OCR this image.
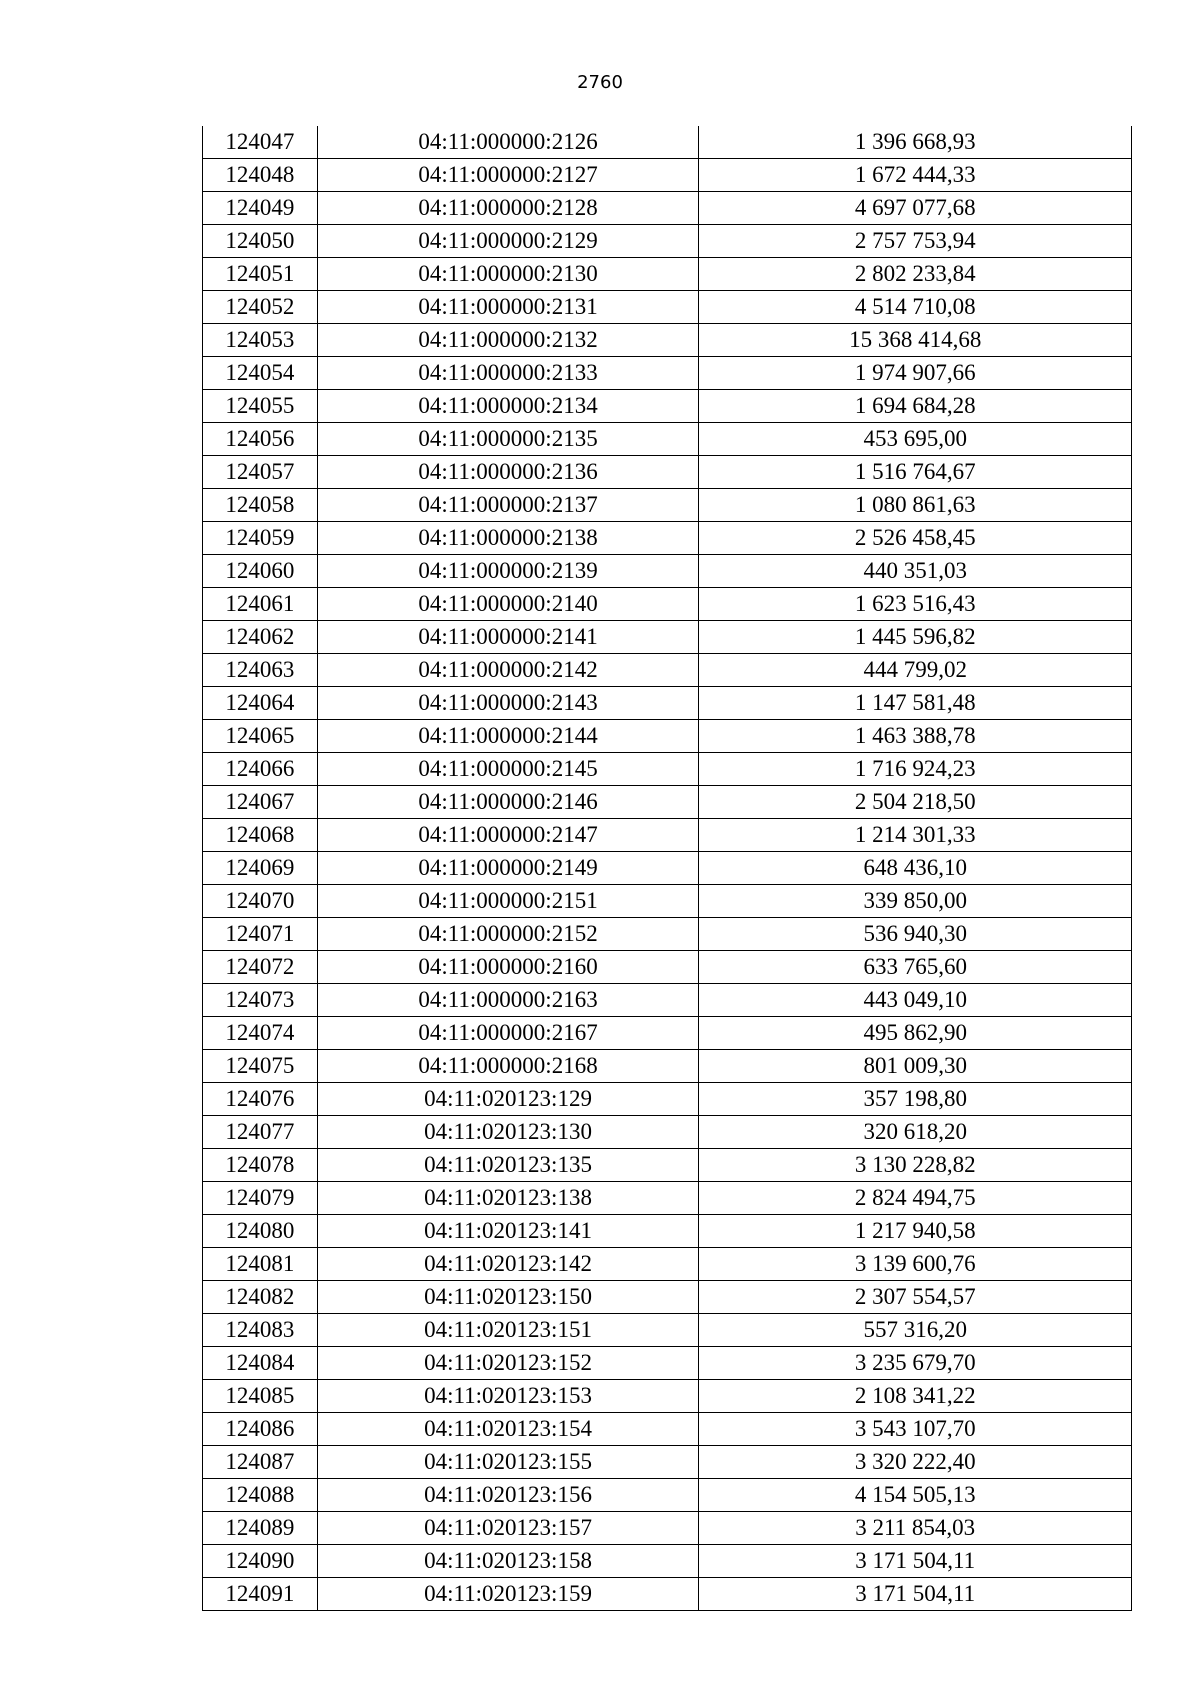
2760
124047	04:11:000000:2126	1 396 668,93
124048	04:11:000000:2127	1 672 444,33
124049	04:11:000000:2128	4 697 077,68
124050	04:11:000000:2129	2 757 753,94
124051	04:11:000000:2130	2 802 233,84
124052	04:11:000000:2131	4 514 710,08
124053	04:11:000000:2132	15 368 414,68
124054	04:11:000000:2133	1 974 907,66
124055	04:11:000000:2134	1 694 684,28
124056	04:11:000000:2135	453 695,00
124057	04:11:000000:2136	1 516 764,67
124058	04:11:000000:2137	1 080 861,63
124059	04:11:000000:2138	2 526 458,45
124060	04:11:000000:2139	440 351,03
124061	04:11:000000:2140	1 623 516,43
124062	04:11:000000:2141	1 445 596,82
124063	04:11:000000:2142	444 799,02
124064	04:11:000000:2143	1 147 581,48
124065	04:11:000000:2144	1 463 388,78
124066	04:11:000000:2145	1 716 924,23
124067	04:11:000000:2146	2 504 218,50
124068	04:11:000000:2147	1 214 301,33
124069	04:11:000000:2149	648 436,10
124070	04:11:000000:2151	339 850,00
124071	04:11:000000:2152	536 940,30
124072	04:11:000000:2160	633 765,60
124073	04:11:000000:2163	443 049,10
124074	04:11:000000:2167	495 862,90
124075	04:11:000000:2168	801 009,30
124076	04:11:020123:129	357 198,80
124077	04:11:020123:130	320 618,20
124078	04:11:020123:135	3 130 228,82
124079	04:11:020123:138	2 824 494,75
124080	04:11:020123:141	1 217 940,58
124081	04:11:020123:142	3 139 600,76
124082	04:11:020123:150	2 307 554,57
124083	04:11:020123:151	557 316,20
124084	04:11:020123:152	3 235 679,70
124085	04:11:020123:153	2 108 341,22
124086	04:11:020123:154	3 543 107,70
124087	04:11:020123:155	3 320 222,40
124088	04:11:020123:156	4 154 505,13
124089	04:11:020123:157	3 211 854,03
124090	04:11:020123:158	3 171 504,11
124091	04:11:020123:159	3 171 504,11
